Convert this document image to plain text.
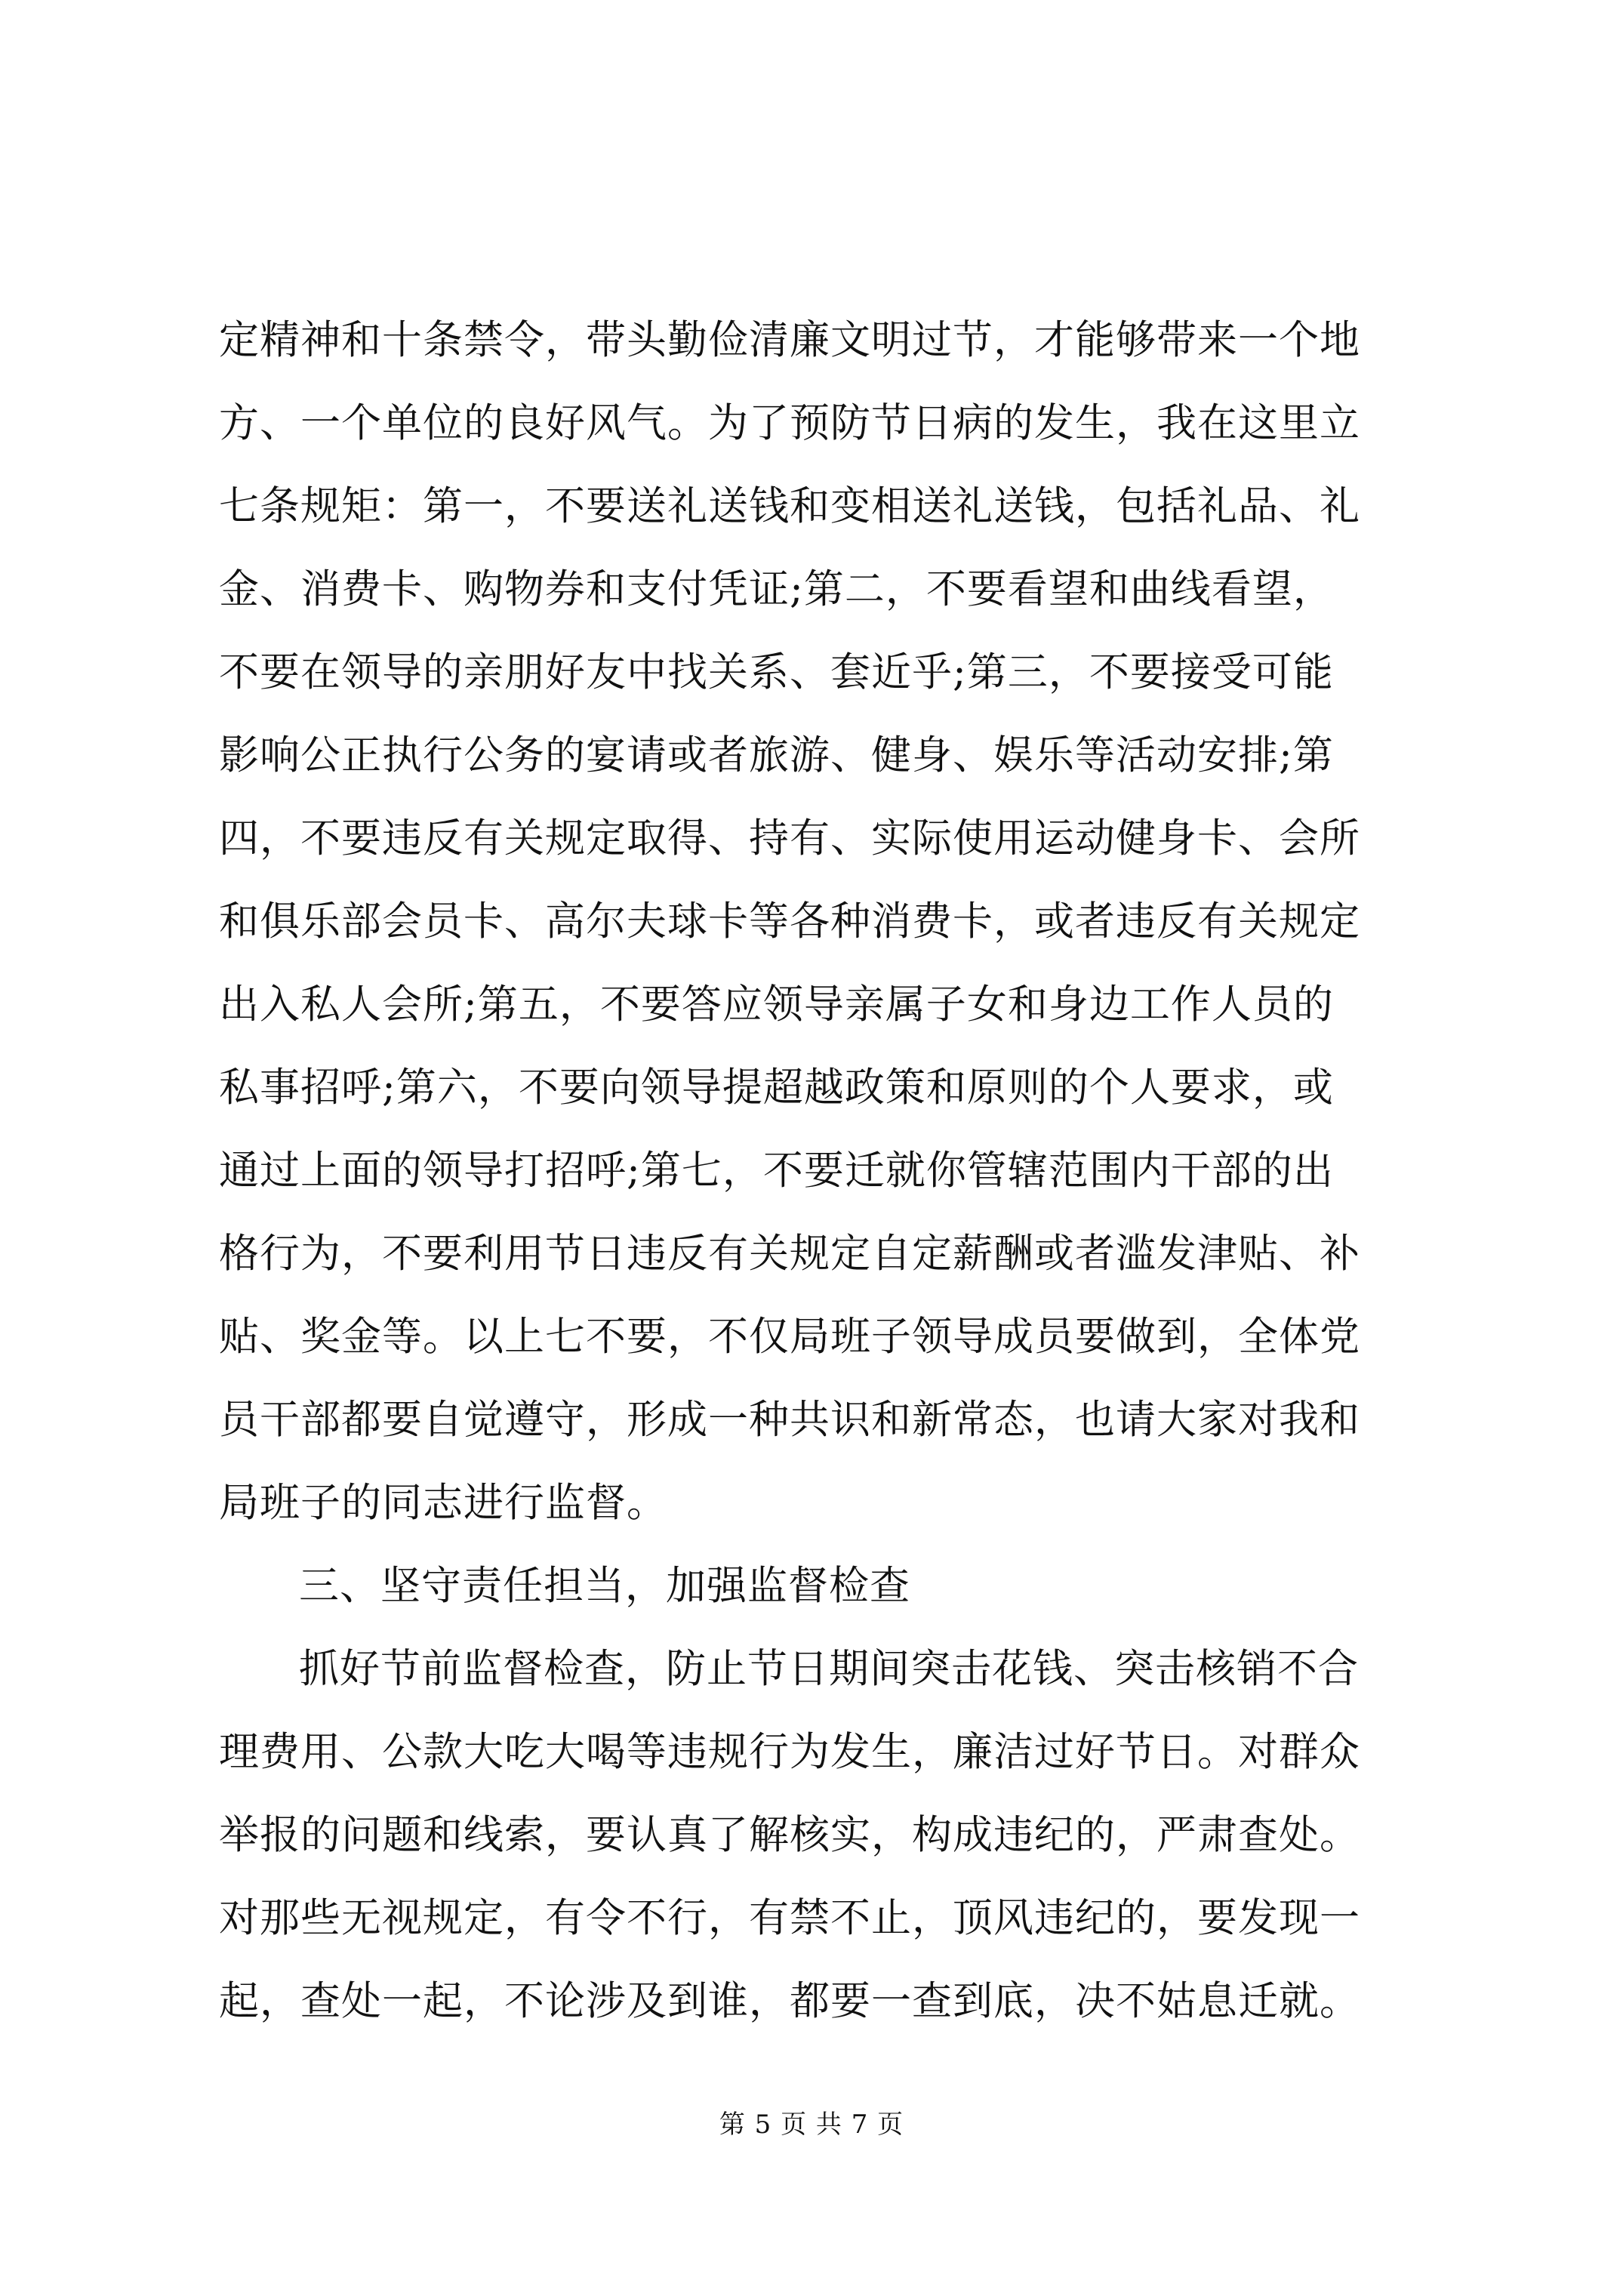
定精神和十条禁令，带头勤俭清廉文明过节，才能够带来一个地
方、一个单位的良好风气。为了预防节日病的发生，我在这里立
七条规矩：第一，不要送礼送钱和变相送礼送钱，包括礼品、礼
金、消费卡、购物券和支付凭证;第二，不要看望和曲线看望，
不要在领导的亲朋好友中找关系、套近乎;第三，不要接受可能
影响公正执行公务的宴请或者旅游、健身、娱乐等活动安排;第
四，不要违反有关规定取得、持有、实际使用运动健身卡、会所
和俱乐部会员卡、高尔夫球卡等各种消费卡，或者违反有关规定
出入私人会所;第五，不要答应领导亲属子女和身边工作人员的
私事招呼;第六，不要向领导提超越政策和原则的个人要求，或
通过上面的领导打招呼;第七，不要迁就你管辖范围内干部的出
格行为，不要利用节日违反有关规定自定薪酬或者滥发津贴、补
贴、奖金等。以上七不要，不仅局班子领导成员要做到，全体党
员干部都要自觉遵守，形成一种共识和新常态，也请大家对我和
局班子的同志进行监督。
三、坚守责任担当，加强监督检查
抓好节前监督检查，防止节日期间突击花钱、突击核销不合
理费用、公款大吃大喝等违规行为发生，廉洁过好节日。对群众
举报的问题和线索，要认真了解核实，构成违纪的，严肃查处。
对那些无视规定，有令不行，有禁不止，顶风违纪的，要发现一
起，查处一起，不论涉及到谁，都要一查到底，决不姑息迁就。
第 5 页 共 7 页
